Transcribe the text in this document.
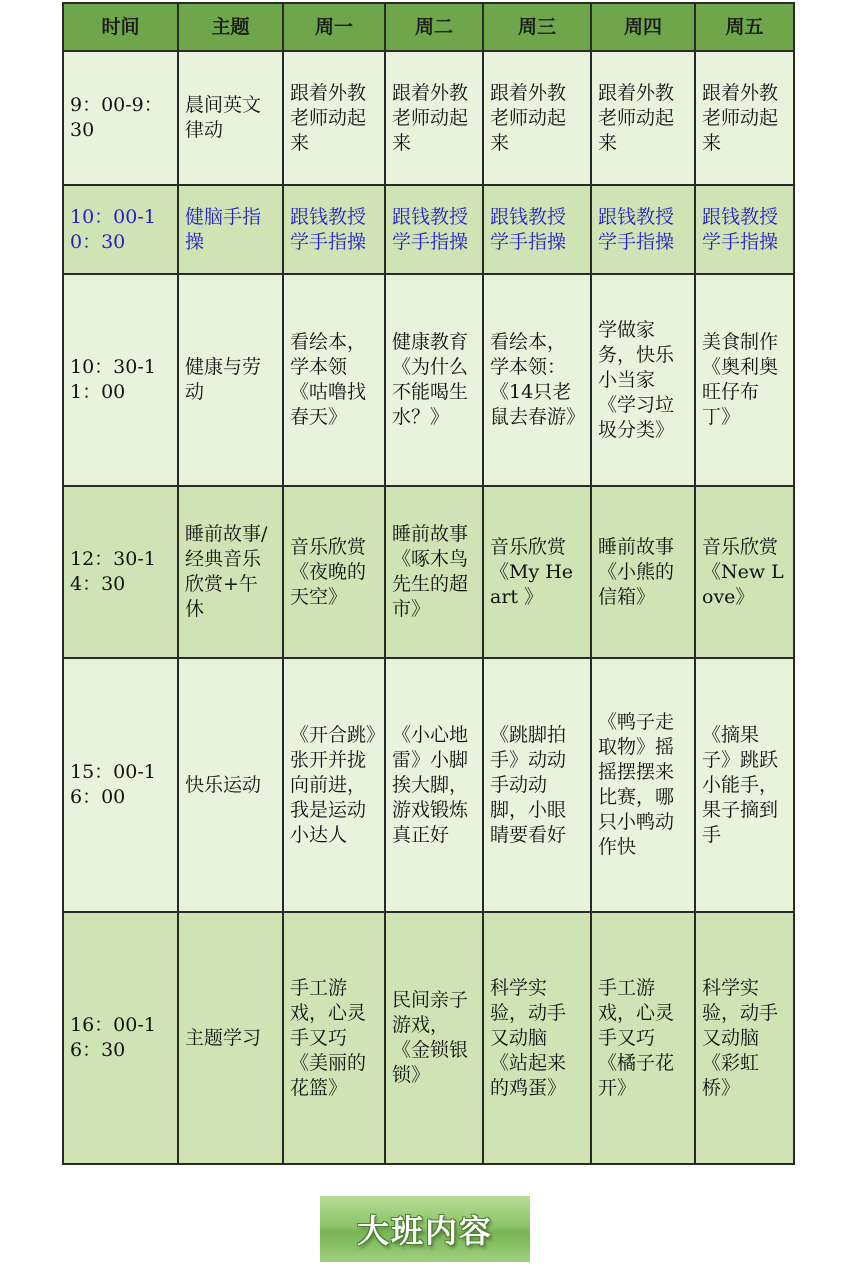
时间	主题	周一	周二	周三	周四	周五
9：00-9：30	晨间英文律动	跟着外教老师动起来	跟着外教老师动起来	跟着外教老师动起来	跟着外教老师动起来	跟着外教老师动起来
10：00-10：30	健脑手指操	跟钱教授学手指操	跟钱教授学手指操	跟钱教授学手指操	跟钱教授学手指操	跟钱教授学手指操
10：30-11：00	健康与劳动	看绘本，学本领《咕噜找春天》	健康教育《为什么不能喝生水？》	看绘本，学本领：《14只老鼠去春游》	学做家务，快乐小当家《学习垃圾分类》	美食制作《奥利奥旺仔布丁》
12：30-14：30	睡前故事/经典音乐欣赏+午休	音乐欣赏《夜晚的天空》	睡前故事《啄木鸟先生的超市》	音乐欣赏《My Heart 》	睡前故事《小熊的信箱》	音乐欣赏《New Love》
15：00-16：00	快乐运动	《开合跳》张开并拢向前进，我是运动小达人	《小心地雷》小脚挨大脚，游戏锻炼真正好	《跳脚拍手》动动手动动脚，小眼睛要看好	《鸭子走取物》摇摇摆摆来比赛，哪只小鸭动作快	《摘果子》跳跃小能手，果子摘到手
16：00-16：30	主题学习	手工游戏，心灵手又巧《美丽的花篮》	民间亲子游戏，《金锁银锁》	科学实验，动手又动脑《站起来的鸡蛋》	手工游戏，心灵手又巧《橘子花开》	科学实验，动手又动脑《彩虹桥》
大班内容
